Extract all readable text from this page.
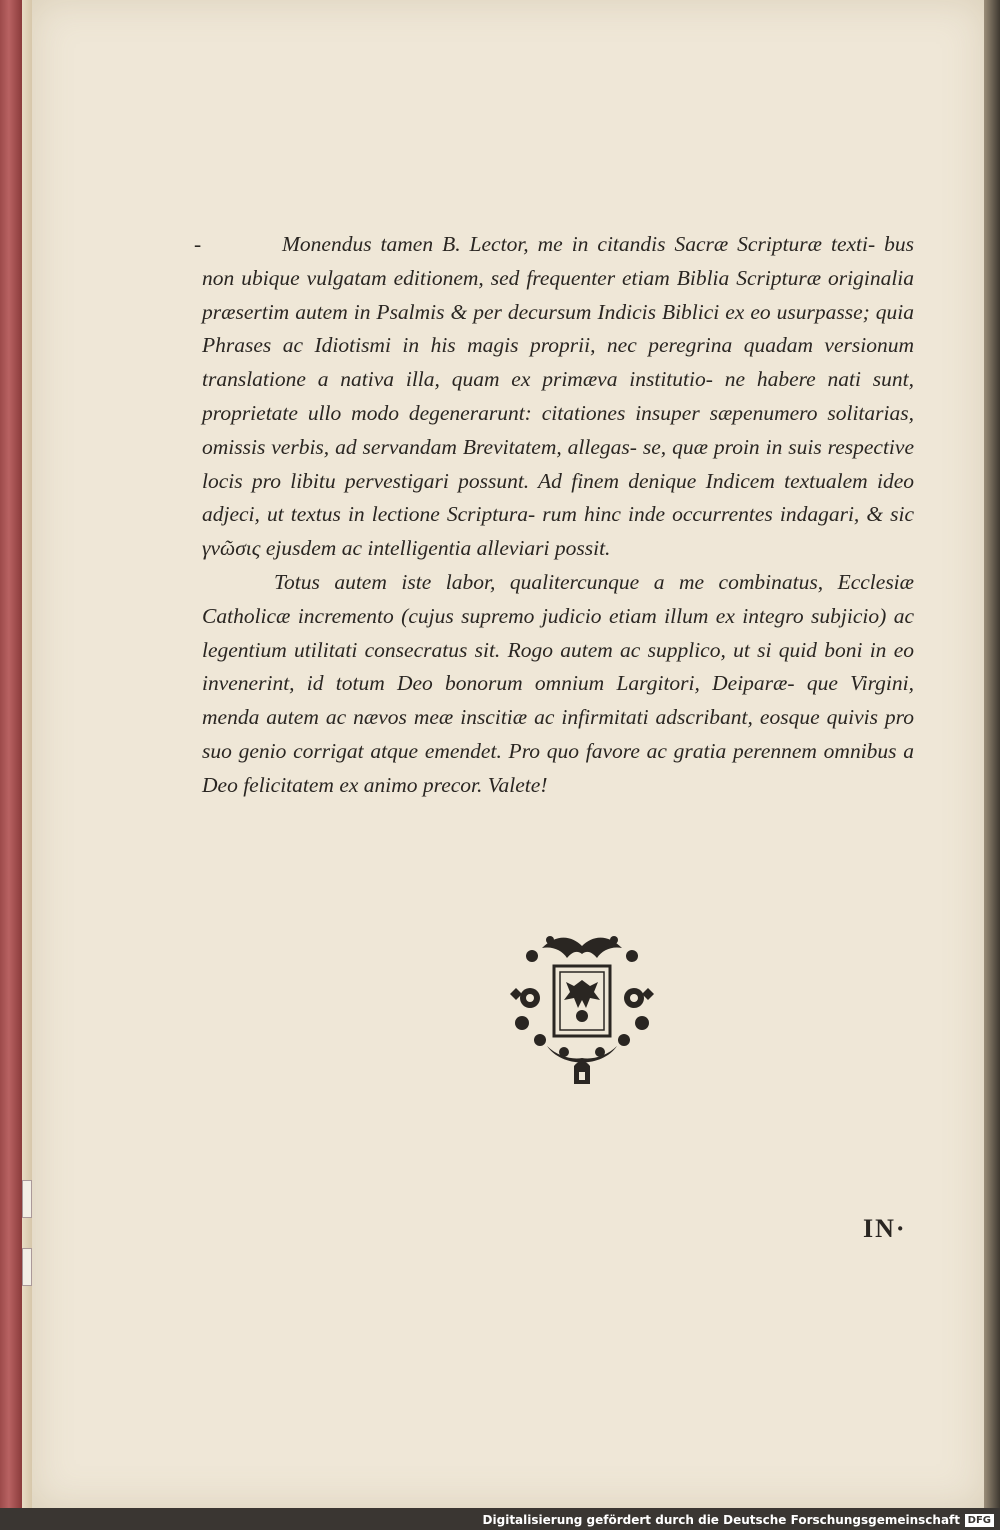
-	Monendus tamen B. Lector, me in citandis Sacræ Scripturæ texti- bus non ubique vulgatam editionem, sed frequenter etiam Biblia Scripturæ originalia præsertim autem in Psalmis & per decursum Indicis Biblici ex eo usurpasse; quia Phrases ac Idiotismi in his magis proprii, nec peregrina quadam versionum translatione a nativa illa, quam ex primæva institutio- ne habere nati sunt, proprietate ullo modo degenerarunt: citationes insuper sæpenumero solitarias, omissis verbis, ad servandam Brevitatem, allegas- se, quæ proin in suis respective locis pro libitu pervestigari possunt. Ad finem denique Indicem textualem ideo adjeci, ut textus in lectione Scriptura- rum hinc inde occurrentes indagari, & sic γνῶσις ejusdem ac intelligentia alleviari possit.

Totus autem iste labor, qualitercunque a me combinatus, Ecclesiæ Catholicæ incremento (cujus supremo judicio etiam illum ex integro subjicio) ac legentium utilitati consecratus sit. Rogo autem ac supplico, ut si quid boni in eo invenerint, id totum Deo bonorum omnium Largitori, Deiparæ- que Virgini, menda autem ac nævos meæ inscitiæ ac infirmitati adscribant, eosque quivis pro suo genio corrigat atque emendet. Pro quo favore ac gratia perennem omnibus a Deo felicitatem ex animo precor. Valete!

IN·
Digitalisierung gefördert durch die Deutsche Forschungsgemeinschaft DFG
